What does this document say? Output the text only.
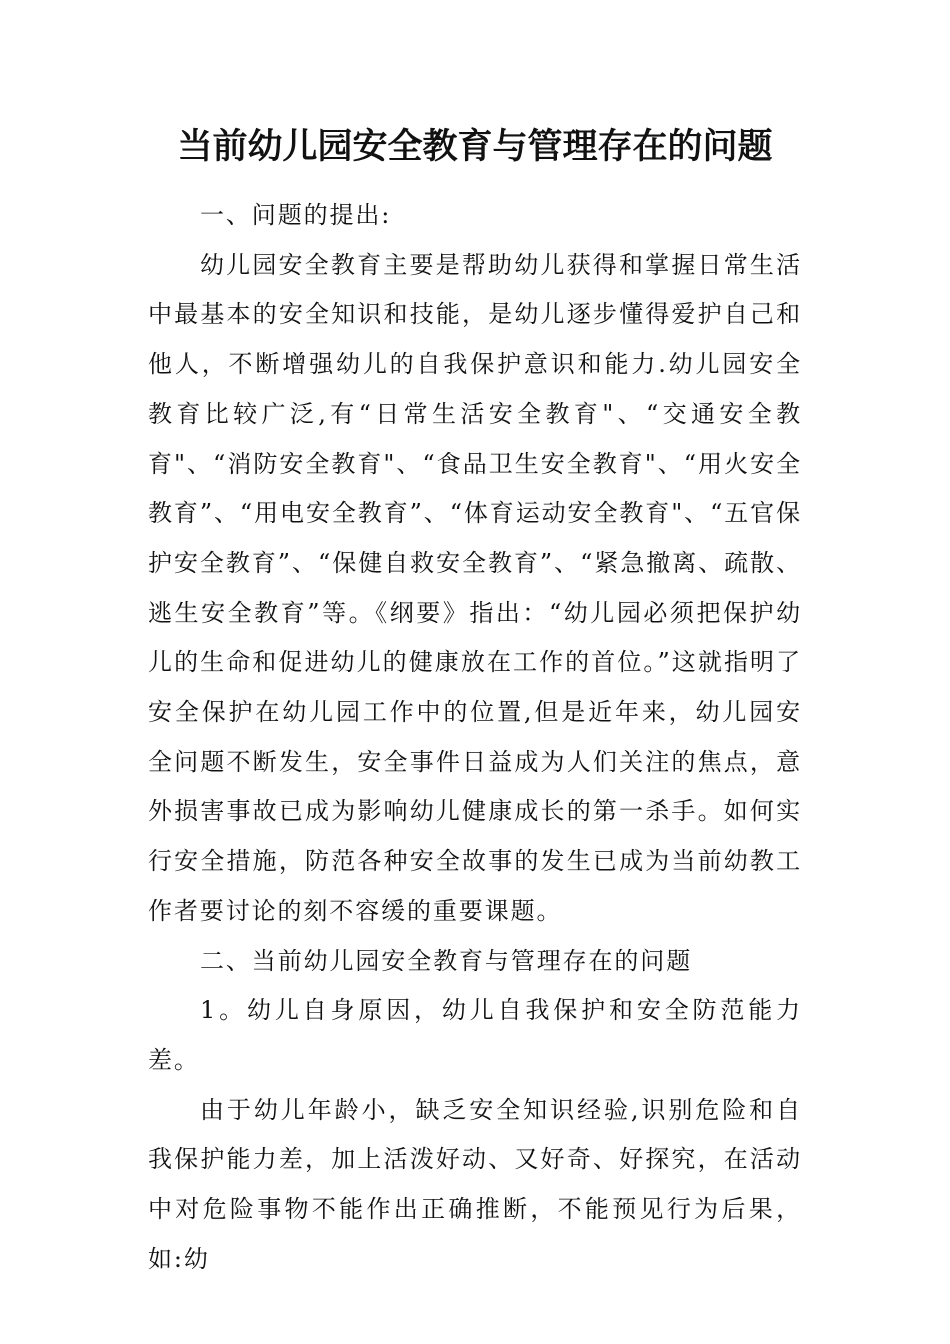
当前幼儿园安全教育与管理存在的问题

一、问题的提出:

幼儿园安全教育主要是帮助幼儿获得和掌握日常生活中最基本的安全知识和技能，是幼儿逐步懂得爱护自己和他人，不断增强幼儿的自我保护意识和能力.幼儿园安全教育比较广泛,有“日常生活安全教育"、“交通安全教育"、“消防安全教育"、“食品卫生安全教育"、“用火安全教育”、“用电安全教育”、“体育运动安全教育"、“五官保护安全教育”、“保健自救安全教育”、“紧急撤离、疏散、逃生安全教育”等。《纲要》指出：“幼儿园必须把保护幼儿的生命和促进幼儿的健康放在工作的首位。”这就指明了安全保护在幼儿园工作中的位置,但是近年来，幼儿园安全问题不断发生，安全事件日益成为人们关注的焦点，意外损害事故已成为影响幼儿健康成长的第一杀手。如何实行安全措施，防范各种安全故事的发生已成为当前幼教工作者要讨论的刻不容缓的重要课题。

二、当前幼儿园安全教育与管理存在的问题

1。幼儿自身原因，幼儿自我保护和安全防范能力差。

由于幼儿年龄小，缺乏安全知识经验,识别危险和自我保护能力差，加上活泼好动、又好奇、好探究，在活动中对危险事物不能作出正确推断，不能预见行为后果，如:幼
